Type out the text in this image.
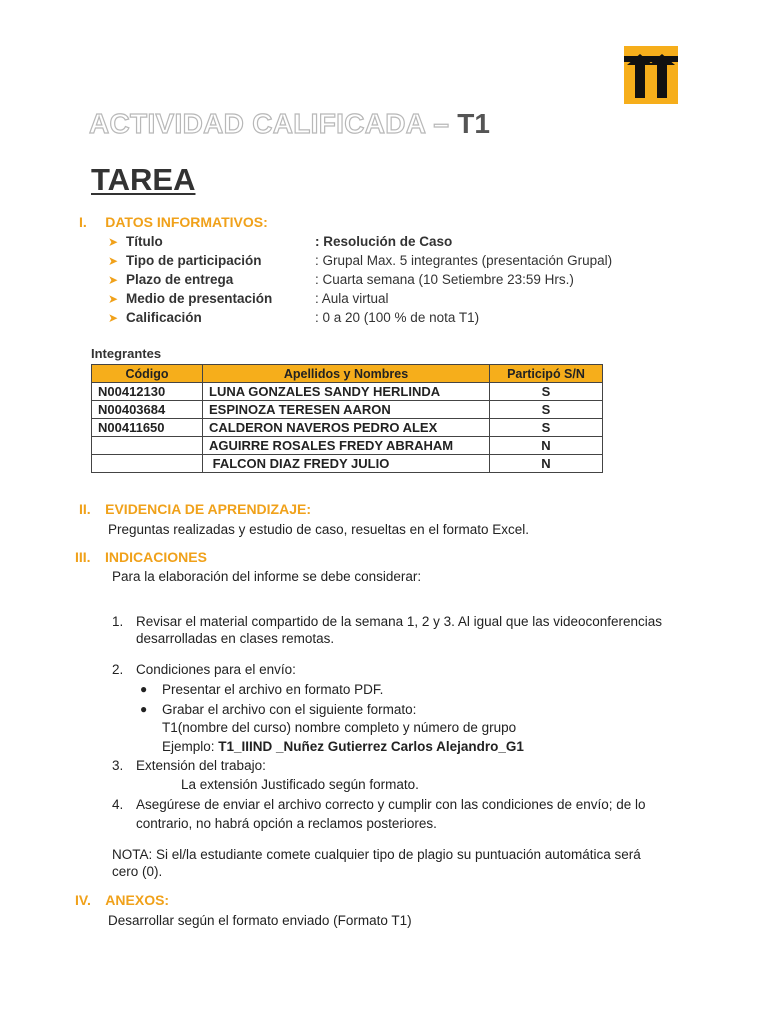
ACTIVIDAD CALIFICADA – T1
TAREA
I. DATOS INFORMATIVOS:
➤ Título	: Resolución de Caso
➤ Tipo de participación	: Grupal Max. 5 integrantes (presentación Grupal)
➤ Plazo de entrega	: Cuarta semana (10 Setiembre 23:59 Hrs.)
➤ Medio de presentación	: Aula virtual
➤ Calificación	: 0 a 20 (100 % de nota T1)
Integrantes
Código	Apellidos y Nombres	Participó S/N
N00412130	LUNA GONZALES SANDY HERLINDA	S
N00403684	ESPINOZA TERESEN AARON	S
N00411650	CALDERON NAVEROS PEDRO ALEX	S
	AGUIRRE ROSALES FREDY ABRAHAM	N
	FALCON DIAZ FREDY JULIO	N
II. EVIDENCIA DE APRENDIZAJE:
Preguntas realizadas y estudio de caso, resueltas en el formato Excel.
III. INDICACIONES
Para la elaboración del informe se debe considerar:
1. Revisar el material compartido de la semana 1, 2 y 3. Al igual que las videoconferencias
desarrolladas en clases remotas.
2. Condiciones para el envío:
● Presentar el archivo en formato PDF.
● Grabar el archivo con el siguiente formato:
T1(nombre del curso) nombre completo y número de grupo
Ejemplo: T1_IIIND _Nuñez Gutierrez Carlos Alejandro_G1
3. Extensión del trabajo:
La extensión Justificado según formato.
4. Asegúrese de enviar el archivo correcto y cumplir con las condiciones de envío; de lo
contrario, no habrá opción a reclamos posteriores.
NOTA: Si el/la estudiante comete cualquier tipo de plagio su puntuación automática será
cero (0).
IV. ANEXOS:
Desarrollar según el formato enviado (Formato T1)
